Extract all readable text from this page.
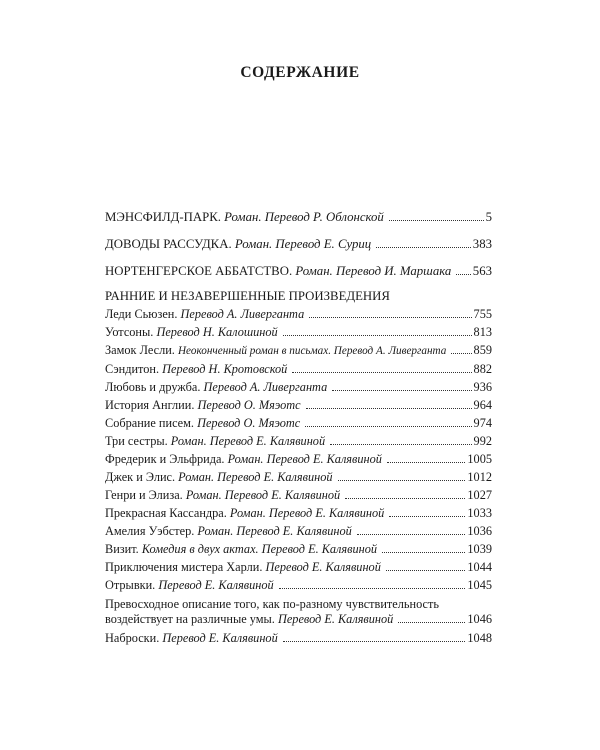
СОДЕРЖАНИЕ
МЭНСФИЛД-ПАРК. Роман. Перевод Р. Облонской	5
ДОВОДЫ РАССУДКА. Роман. Перевод Е. Суриц	383
НОРТЕНГЕРСКОЕ АББАТСТВО. Роман. Перевод И. Маршака 563
РАННИЕ И НЕЗАВЕРШЕННЫЕ ПРОИЗВЕДЕНИЯ
Леди Сьюзен. Перевод А. Ливерганта	755
Уотсоны. Перевод Н. Калошиной	813
Замок Лесли. Неоконченный роман в письмах. Перевод А. Ливерганта 859
Сэндитон. Перевод Н. Кротовской	882
Любовь и дружба. Перевод А. Ливерганта	936
История Англии. Перевод О. Мяэотс	964
Собрание писем. Перевод О. Мяэотс	974
Три сестры. Роман. Перевод Е. Калявиной	992
Фредерик и Эльфрида. Роман. Перевод Е. Калявиной	1005
Джек и Элис. Роман. Перевод Е. Калявиной	1012
Генри и Элиза. Роман. Перевод Е. Калявиной	1027
Прекрасная Кассандра. Роман. Перевод Е. Калявиной	1033
Амелия Уэбстер. Роман. Перевод Е. Калявиной	1036
Визит. Комедия в двух актах. Перевод Е. Калявиной	1039
Приключения мистера Харли. Перевод Е. Калявиной	1044
Отрывки. Перевод Е. Калявиной	1045
Превосходное описание того, как по-разному чувствительность
воздействует на различные умы. Перевод Е. Калявиной	1046
Наброски. Перевод Е. Калявиной	1048
